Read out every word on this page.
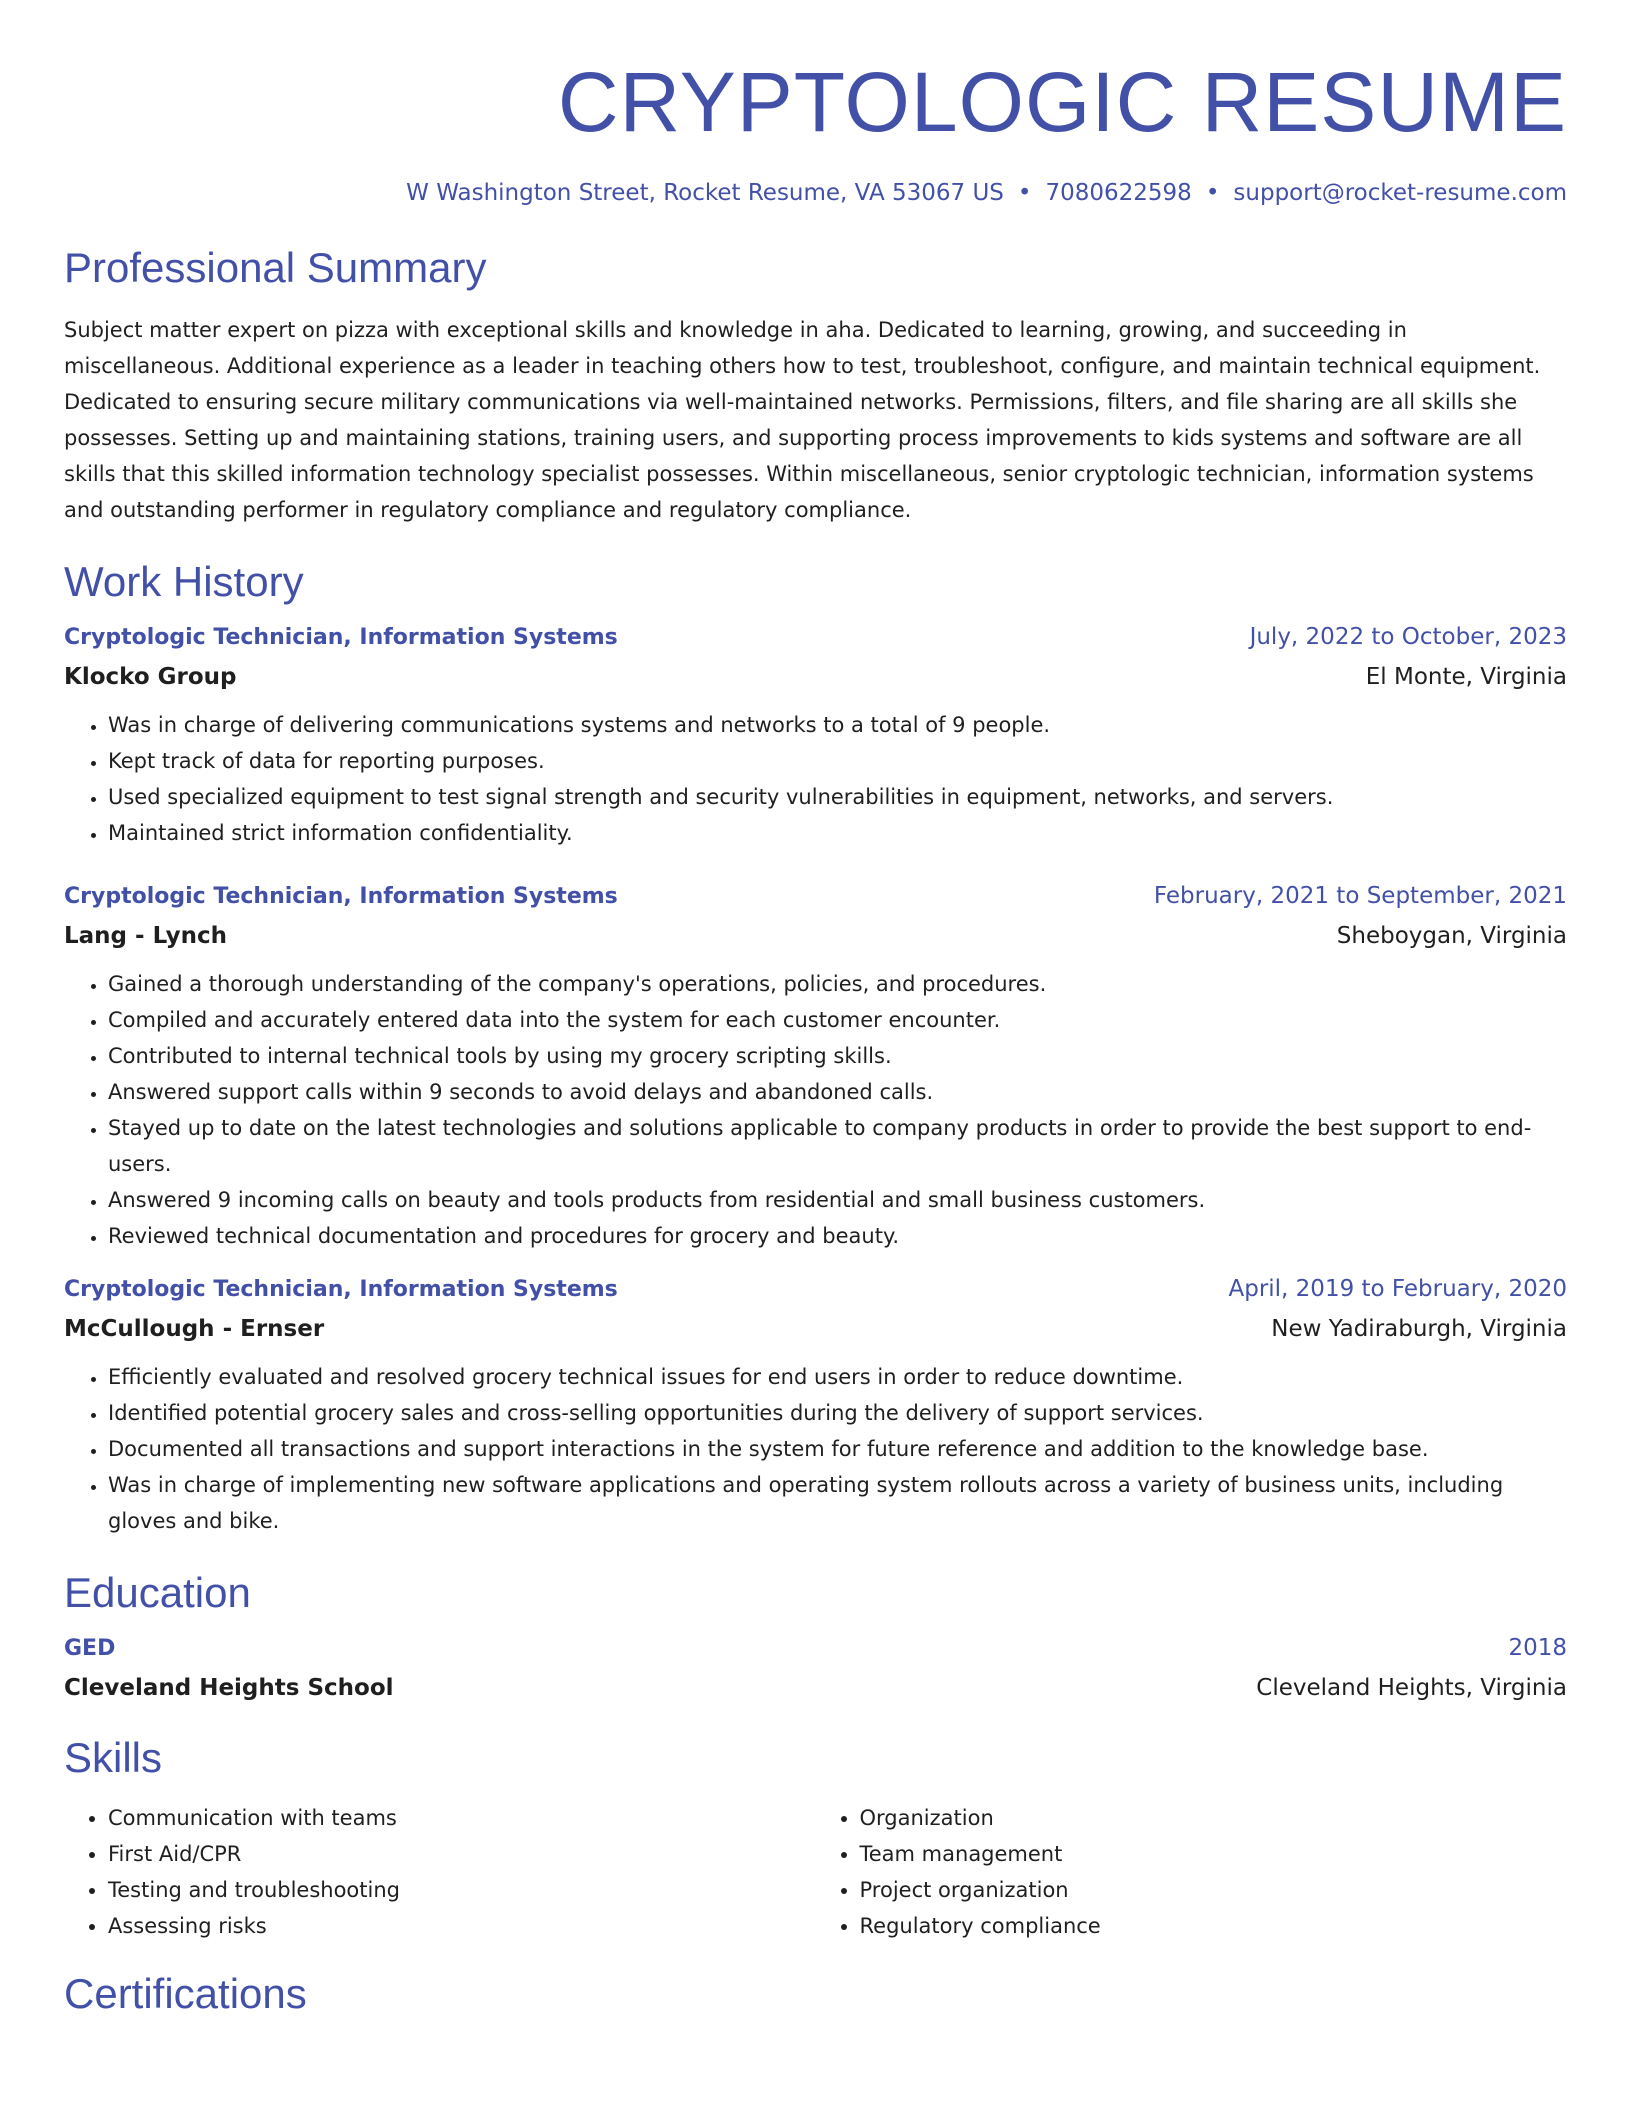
CRYPTOLOGIC RESUME
W Washington Street, Rocket Resume, VA 53067 US • 7080622598 • support@rocket-resume.com
Professional Summary

Subject matter expert on pizza with exceptional skills and knowledge in aha. Dedicated to learning, growing, and succeeding in miscellaneous. Additional experience as a leader in teaching others how to test, troubleshoot, configure, and maintain technical equipment. Dedicated to ensuring secure military communications via well-maintained networks. Permissions, filters, and file sharing are all skills she possesses. Setting up and maintaining stations, training users, and supporting process improvements to kids systems and software are all skills that this skilled information technology specialist possesses. Within miscellaneous, senior cryptologic technician, information systems and outstanding performer in regulatory compliance and regulatory compliance.

Work History
Cryptologic Technician, Information Systems	July, 2022 to October, 2023
Klocko Group	El Monte, Virginia
• Was in charge of delivering communications systems and networks to a total of 9 people.
• Kept track of data for reporting purposes.
• Used specialized equipment to test signal strength and security vulnerabilities in equipment, networks, and servers.
• Maintained strict information confidentiality.
Cryptologic Technician, Information Systems	February, 2021 to September, 2021
Lang - Lynch	Sheboygan, Virginia
• Gained a thorough understanding of the company's operations, policies, and procedures.
• Compiled and accurately entered data into the system for each customer encounter.
• Contributed to internal technical tools by using my grocery scripting skills.
• Answered support calls within 9 seconds to avoid delays and abandoned calls.
• Stayed up to date on the latest technologies and solutions applicable to company products in order to provide the best support to end-users.
• Answered 9 incoming calls on beauty and tools products from residential and small business customers.
• Reviewed technical documentation and procedures for grocery and beauty.
Cryptologic Technician, Information Systems	April, 2019 to February, 2020
McCullough - Ernser	New Yadiraburgh, Virginia
• Efficiently evaluated and resolved grocery technical issues for end users in order to reduce downtime.
• Identified potential grocery sales and cross-selling opportunities during the delivery of support services.
• Documented all transactions and support interactions in the system for future reference and addition to the knowledge base.
• Was in charge of implementing new software applications and operating system rollouts across a variety of business units, including gloves and bike.
Education
GED	2018
Cleveland Heights School	Cleveland Heights, Virginia
Skills
• Communication with teams
• First Aid/CPR
• Testing and troubleshooting
• Assessing risks
• Organization
• Team management
• Project organization
• Regulatory compliance
Certifications
